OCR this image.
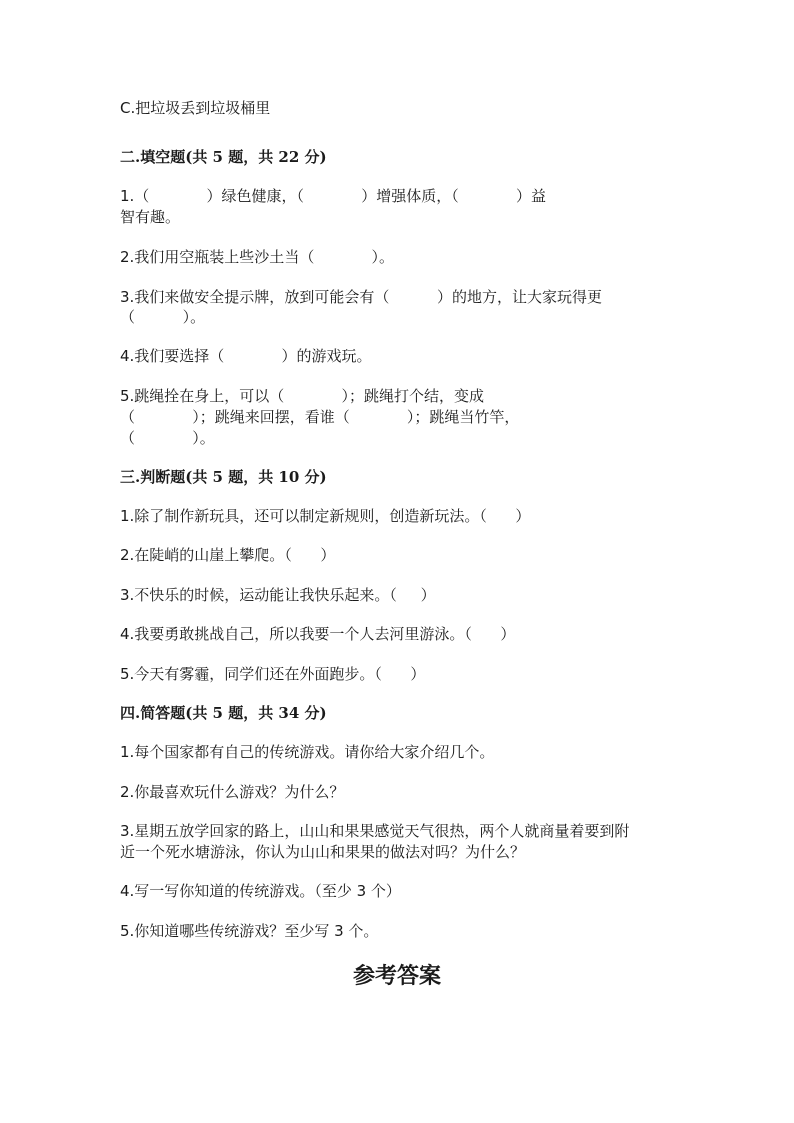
C.把垃圾丢到垃圾桶里
二.填空题(共 5 题，共 22 分)
1.（            ）绿色健康，（            ）增强体质，（            ）益
智有趣。
2.我们用空瓶装上些沙土当（            ）。
3.我们来做安全提示牌，放到可能会有（          ）的地方，让大家玩得更
（          ）。
4.我们要选择（            ）的游戏玩。
5.跳绳拴在身上，可以（            ）；跳绳打个结，变成
（            ）；跳绳来回摆，看谁（            ）；跳绳当竹竿，
（            ）。
三.判断题(共 5 题，共 10 分)
1.除了制作新玩具，还可以制定新规则，创造新玩法。（      ）
2.在陡峭的山崖上攀爬。（      ）
3.不快乐的时候，运动能让我快乐起来。（     ）
4.我要勇敢挑战自己，所以我要一个人去河里游泳。（      ）
5.今天有雾霾，同学们还在外面跑步。（      ）
四.简答题(共 5 题，共 34 分)
1.每个国家都有自己的传统游戏。请你给大家介绍几个。
2.你最喜欢玩什么游戏？为什么？
3.星期五放学回家的路上，山山和果果感觉天气很热，两个人就商量着要到附
近一个死水塘游泳，你认为山山和果果的做法对吗？为什么？
4.写一写你知道的传统游戏。（至少 3 个）
5.你知道哪些传统游戏？至少写 3 个。
参考答案
